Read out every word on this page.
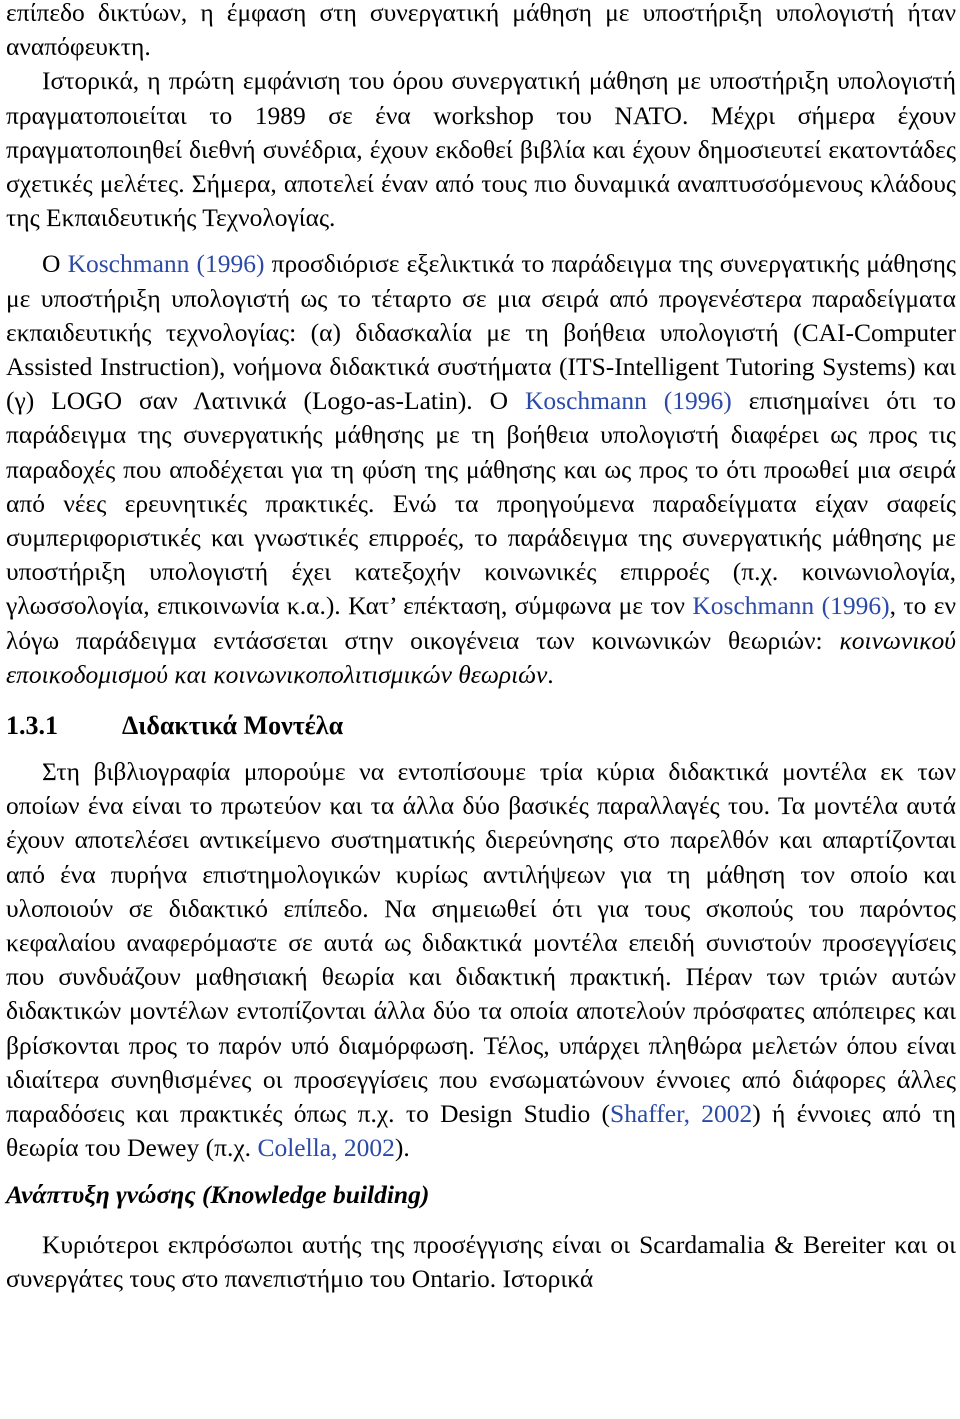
επίπεδο δικτύων, η έμφαση στη συνεργατική μάθηση με υποστήριξη υπολογιστή ήταν αναπόφευκτη.

Ιστορικά, η πρώτη εμφάνιση του όρου συνεργατική μάθηση με υποστήριξη υπολογιστή πραγματοποιείται το 1989 σε ένα workshop του ΝΑΤΟ. Μέχρι σήμερα έχουν πραγματοποιηθεί διεθνή συνέδρια, έχουν εκδοθεί βιβλία και έχουν δημοσιευτεί εκατοντάδες σχετικές μελέτες. Σήμερα, αποτελεί έναν από τους πιο δυναμικά αναπτυσσόμενους κλάδους της Εκπαιδευτικής Τεχνολογίας.

Ο Koschmann (1996) προσδιόρισε εξελικτικά το παράδειγμα της συνεργατικής μάθησης με υποστήριξη υπολογιστή ως το τέταρτο σε μια σειρά από προγενέστερα παραδείγματα εκπαιδευτικής τεχνολογίας: (α) διδασκαλία με τη βοήθεια υπολογιστή (CAI-Computer Assisted Instruction), νοήμονα διδακτικά συστήματα (ITS-Intelligent Tutoring Systems) και (γ) LOGO σαν Λατινικά (Logo-as-Latin). Ο Koschmann (1996) επισημαίνει ότι το παράδειγμα της συνεργατικής μάθησης με τη βοήθεια υπολογιστή διαφέρει ως προς τις παραδοχές που αποδέχεται για τη φύση της μάθησης και ως προς το ότι προωθεί μια σειρά από νέες ερευνητικές πρακτικές. Ενώ τα προηγούμενα παραδείγματα είχαν σαφείς συμπεριφοριστικές και γνωστικές επιρροές, το παράδειγμα της συνεργατικής μάθησης με υποστήριξη υπολογιστή έχει κατεξοχήν κοινωνικές επιρροές (π.χ. κοινωνιολογία, γλωσσολογία, επικοινωνία κ.α.). Κατ’ επέκταση, σύμφωνα με τον Koschmann (1996), το εν λόγω παράδειγμα εντάσσεται στην οικογένεια των κοινωνικών θεωριών: κοινωνικού εποικοδομισμού και κοινωνικοπολιτισμικών θεωριών.

1.3.1 Διδακτικά Μοντέλα

Στη βιβλιογραφία μπορούμε να εντοπίσουμε τρία κύρια διδακτικά μοντέλα εκ των οποίων ένα είναι το πρωτεύον και τα άλλα δύο βασικές παραλλαγές του. Τα μοντέλα αυτά έχουν αποτελέσει αντικείμενο συστηματικής διερεύνησης στο παρελθόν και απαρτίζονται από ένα πυρήνα επιστημολογικών κυρίως αντιλήψεων για τη μάθηση τον οποίο και υλοποιούν σε διδακτικό επίπεδο. Να σημειωθεί ότι για τους σκοπούς του παρόντος κεφαλαίου αναφερόμαστε σε αυτά ως διδακτικά μοντέλα επειδή συνιστούν προσεγγίσεις που συνδυάζουν μαθησιακή θεωρία και διδακτική πρακτική. Πέραν των τριών αυτών διδακτικών μοντέλων εντοπίζονται άλλα δύο τα οποία αποτελούν πρόσφατες απόπειρες και βρίσκονται προς το παρόν υπό διαμόρφωση. Τέλος, υπάρχει πληθώρα μελετών όπου είναι ιδιαίτερα συνηθισμένες οι προσεγγίσεις που ενσωματώνουν έννοιες από διάφορες άλλες παραδόσεις και πρακτικές όπως π.χ. το Design Studio (Shaffer, 2002) ή έννοιες από τη θεωρία του Dewey (π.χ. Colella, 2002).

Ανάπτυξη γνώσης (Knowledge building)

Κυριότεροι εκπρόσωποι αυτής της προσέγγισης είναι οι Scardamalia & Bereiter και οι συνεργάτες τους στο πανεπιστήμιο του Ontario. Ιστορικά
